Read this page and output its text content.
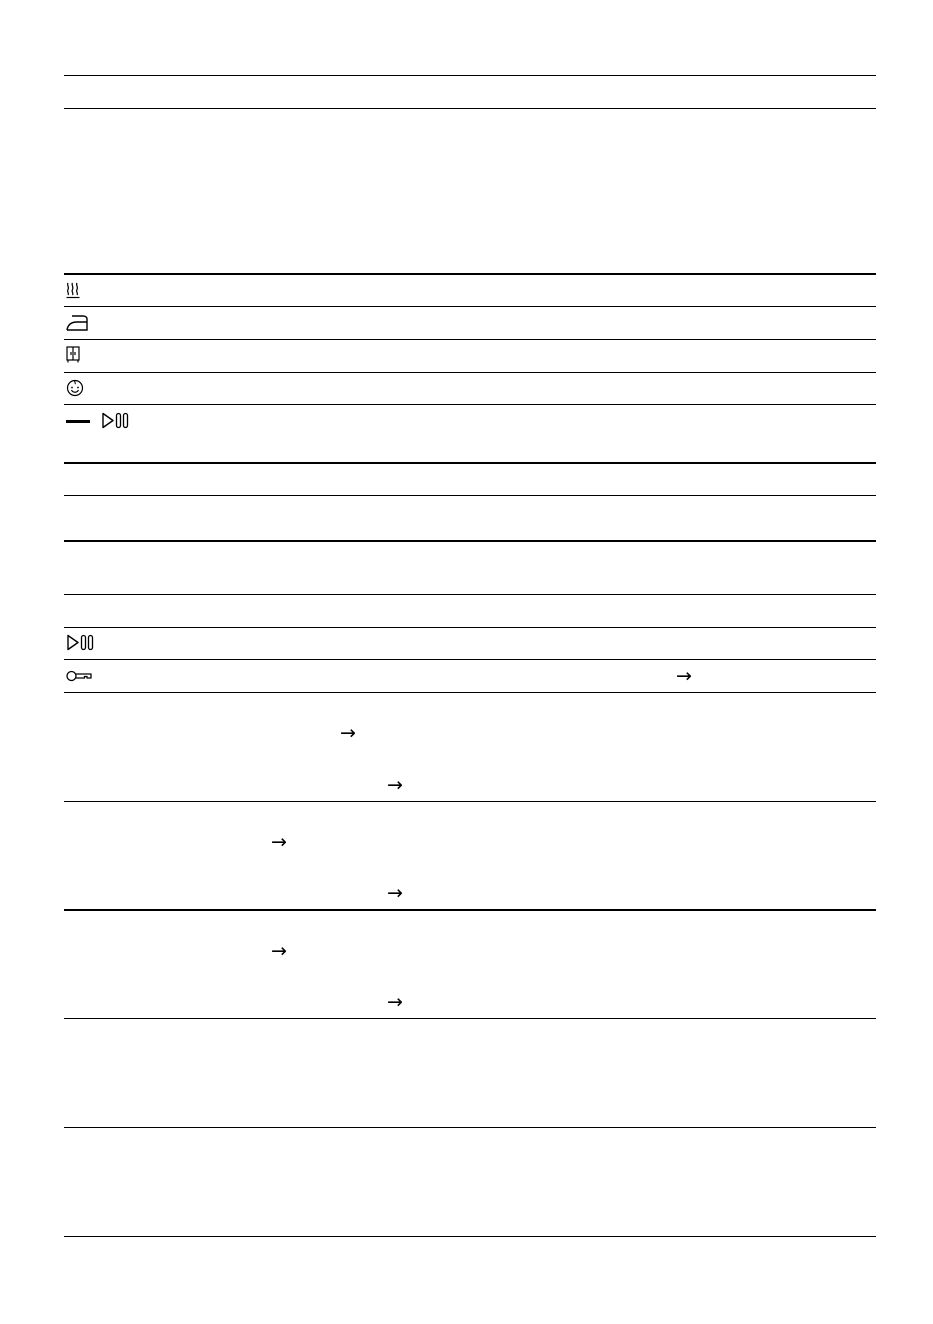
→
→
→
→
→
→
→
